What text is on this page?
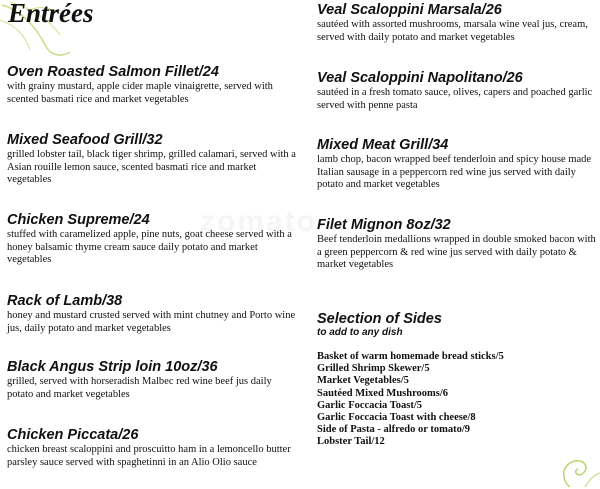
Entrées
Oven Roasted Salmon Fillet/24
with grainy mustard, apple cider maple vinaigrette, served with scented basmati rice and market vegetables
Mixed Seafood Grill/32
grilled lobster tail, black tiger shrimp, grilled calamari, served with a Asian rouille lemon sauce, scented basmati rice and market vegetables
Chicken Supreme/24
stuffed with caramelized apple, pine nuts, goat cheese served with a honey balsamic thyme cream sauce daily potato and market vegetables
Rack of Lamb/38
honey and mustard crusted served with mint chutney and Porto wine jus, daily potato and market vegetables
Black Angus Strip loin 10oz/36
grilled, served with horseradish Malbec red wine beef jus daily potato and market vegetables
Chicken Piccata/26
chicken breast scaloppini and proscuitto ham in a lemoncello butter parsley sauce served with spaghetinni in an Alio Olio sauce
Veal Scaloppini Marsala/26
sautéed with assorted mushrooms, marsala wine veal jus, cream, served with daily potato and market vegetables
Veal Scaloppini Napolitano/26
sautéed in a fresh tomato sauce, olives, capers and poached garlic served with penne pasta
Mixed Meat Grill/34
lamb chop, bacon wrapped beef tenderloin and spicy house made Italian sausage in a peppercorn red wine jus served with daily potato and market vegetables
Filet Mignon 8oz/32
Beef tenderloin medallions wrapped in double smoked bacon with a green peppercorn & red wine jus served with daily potato & market vegetables
Selection of Sides
to add to any dish
Basket of warm homemade bread sticks/5
Grilled Shrimp Skewer/5
Market Vegetables/5
Sautéed Mixed Mushrooms/6
Garlic Foccacia Toast/5
Garlic Foccacia Toast with cheese/8
Side of Pasta - alfredo or tomato/9
Lobster Tail/12
